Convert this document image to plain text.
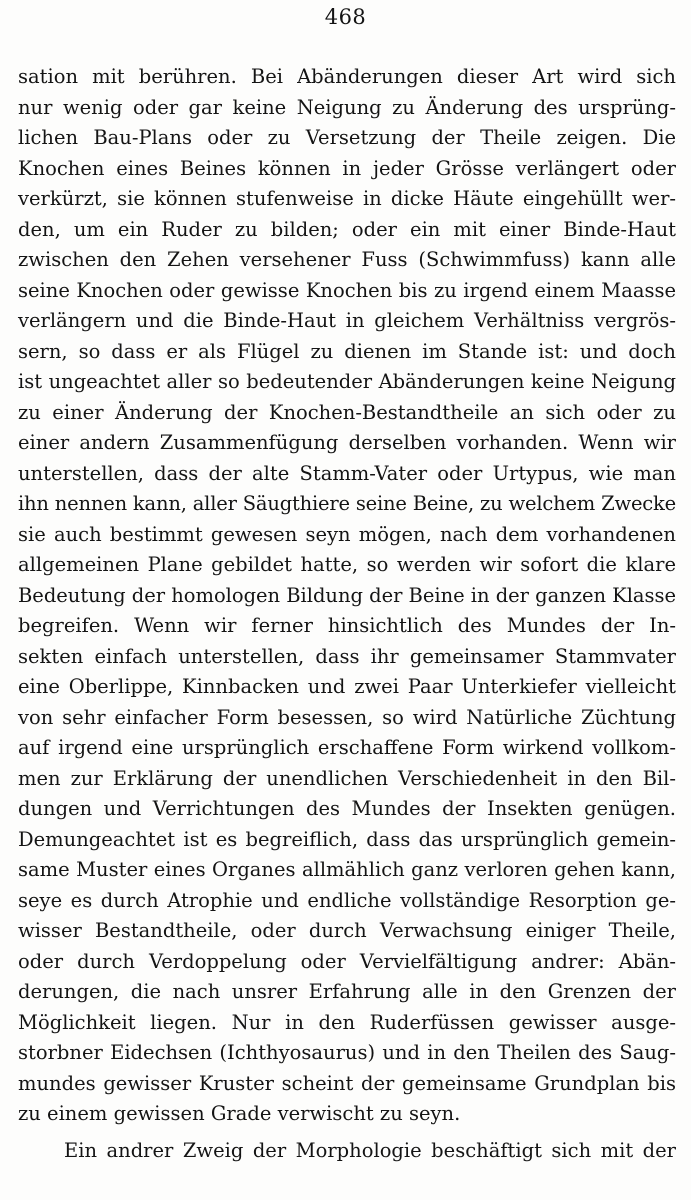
468
sation mit berühren. Bei Abänderungen dieser Art wird sich
nur wenig oder gar keine Neigung zu Änderung des ursprüng-
lichen Bau-Plans oder zu Versetzung der Theile zeigen. Die
Knochen eines Beines können in jeder Grösse verlängert oder
verkürzt, sie können stufenweise in dicke Häute eingehüllt wer-
den, um ein Ruder zu bilden; oder ein mit einer Binde-Haut
zwischen den Zehen versehener Fuss (Schwimmfuss) kann alle
seine Knochen oder gewisse Knochen bis zu irgend einem Maasse
verlängern und die Binde-Haut in gleichem Verhältniss vergrös-
sern, so dass er als Flügel zu dienen im Stande ist: und doch
ist ungeachtet aller so bedeutender Abänderungen keine Neigung
zu einer Änderung der Knochen-Bestandtheile an sich oder zu
einer andern Zusammenfügung derselben vorhanden. Wenn wir
unterstellen, dass der alte Stamm-Vater oder Urtypus, wie man
ihn nennen kann, aller Säugthiere seine Beine, zu welchem Zwecke
sie auch bestimmt gewesen seyn mögen, nach dem vorhandenen
allgemeinen Plane gebildet hatte, so werden wir sofort die klare
Bedeutung der homologen Bildung der Beine in der ganzen Klasse
begreifen. Wenn wir ferner hinsichtlich des Mundes der In-
sekten einfach unterstellen, dass ihr gemeinsamer Stammvater
eine Oberlippe, Kinnbacken und zwei Paar Unterkiefer vielleicht
von sehr einfacher Form besessen, so wird Natürliche Züchtung
auf irgend eine ursprünglich erschaffene Form wirkend vollkom-
men zur Erklärung der unendlichen Verschiedenheit in den Bil-
dungen und Verrichtungen des Mundes der Insekten genügen.
Demungeachtet ist es begreiflich, dass das ursprünglich gemein-
same Muster eines Organes allmählich ganz verloren gehen kann,
seye es durch Atrophie und endliche vollständige Resorption ge-
wisser Bestandtheile, oder durch Verwachsung einiger Theile,
oder durch Verdoppelung oder Vervielfältigung andrer: Abän-
derungen, die nach unsrer Erfahrung alle in den Grenzen der
Möglichkeit liegen. Nur in den Ruderfüssen gewisser ausge-
storbner Eidechsen (Ichthyosaurus) und in den Theilen des Saug-
mundes gewisser Kruster scheint der gemeinsame Grundplan bis
zu einem gewissen Grade verwischt zu seyn.
Ein andrer Zweig der Morphologie beschäftigt sich mit der
